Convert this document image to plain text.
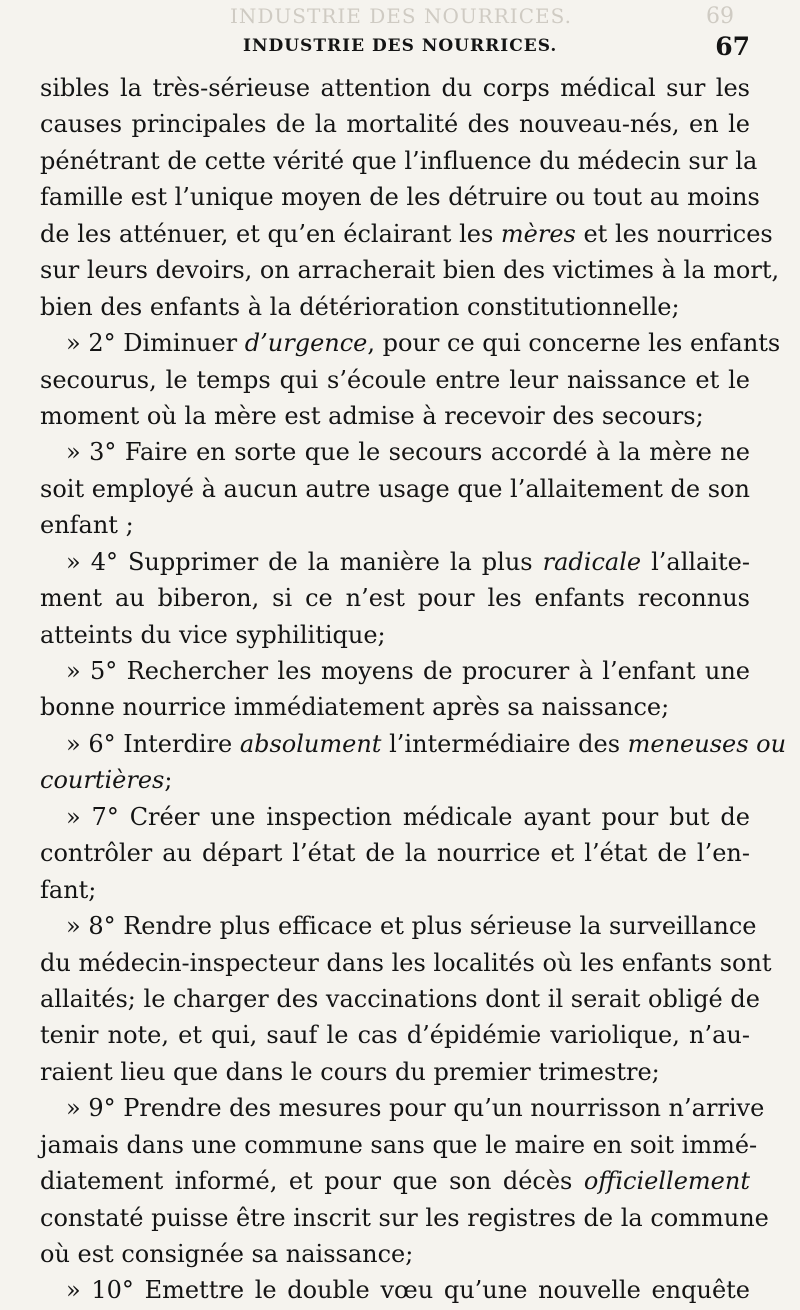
INDUSTRIE DES NOURRICES.	69
INDUSTRIE DES NOURRICES.	67
sibles la très-sérieuse attention du corps médical sur les
causes principales de la mortalité des nouveau-nés, en le
pénétrant de cette vérité que l’influence du médecin sur la
famille est l’unique moyen de les détruire ou tout au moins
de les atténuer, et qu’en éclairant les mères et les nourrices
sur leurs devoirs, on arracherait bien des victimes à la mort,
bien des enfants à la détérioration constitutionnelle;
» 2° Diminuer d’urgence, pour ce qui concerne les enfants
secourus, le temps qui s’écoule entre leur naissance et le
moment où la mère est admise à recevoir des secours;
» 3° Faire en sorte que le secours accordé à la mère ne
soit employé à aucun autre usage que l’allaitement de son
enfant ;
» 4° Supprimer de la manière la plus radicale l’allaite-
ment au biberon, si ce n’est pour les enfants reconnus
atteints du vice syphilitique;
» 5° Rechercher les moyens de procurer à l’enfant une
bonne nourrice immédiatement après sa naissance;
» 6° Interdire absolument l’intermédiaire des meneuses ou
courtières;
» 7° Créer une inspection médicale ayant pour but de
contrôler au départ l’état de la nourrice et l’état de l’en-
fant;
» 8° Rendre plus efficace et plus sérieuse la surveillance
du médecin-inspecteur dans les localités où les enfants sont
allaités; le charger des vaccinations dont il serait obligé de
tenir note, et qui, sauf le cas d’épidémie variolique, n’au-
raient lieu que dans le cours du premier trimestre;
» 9° Prendre des mesures pour qu’un nourrisson n’arrive
jamais dans une commune sans que le maire en soit immé-
diatement informé, et pour que son décès officiellement
constaté puisse être inscrit sur les registres de la commune
où est consignée sa naissance;
» 10° Emettre le double vœu qu’une nouvelle enquête
